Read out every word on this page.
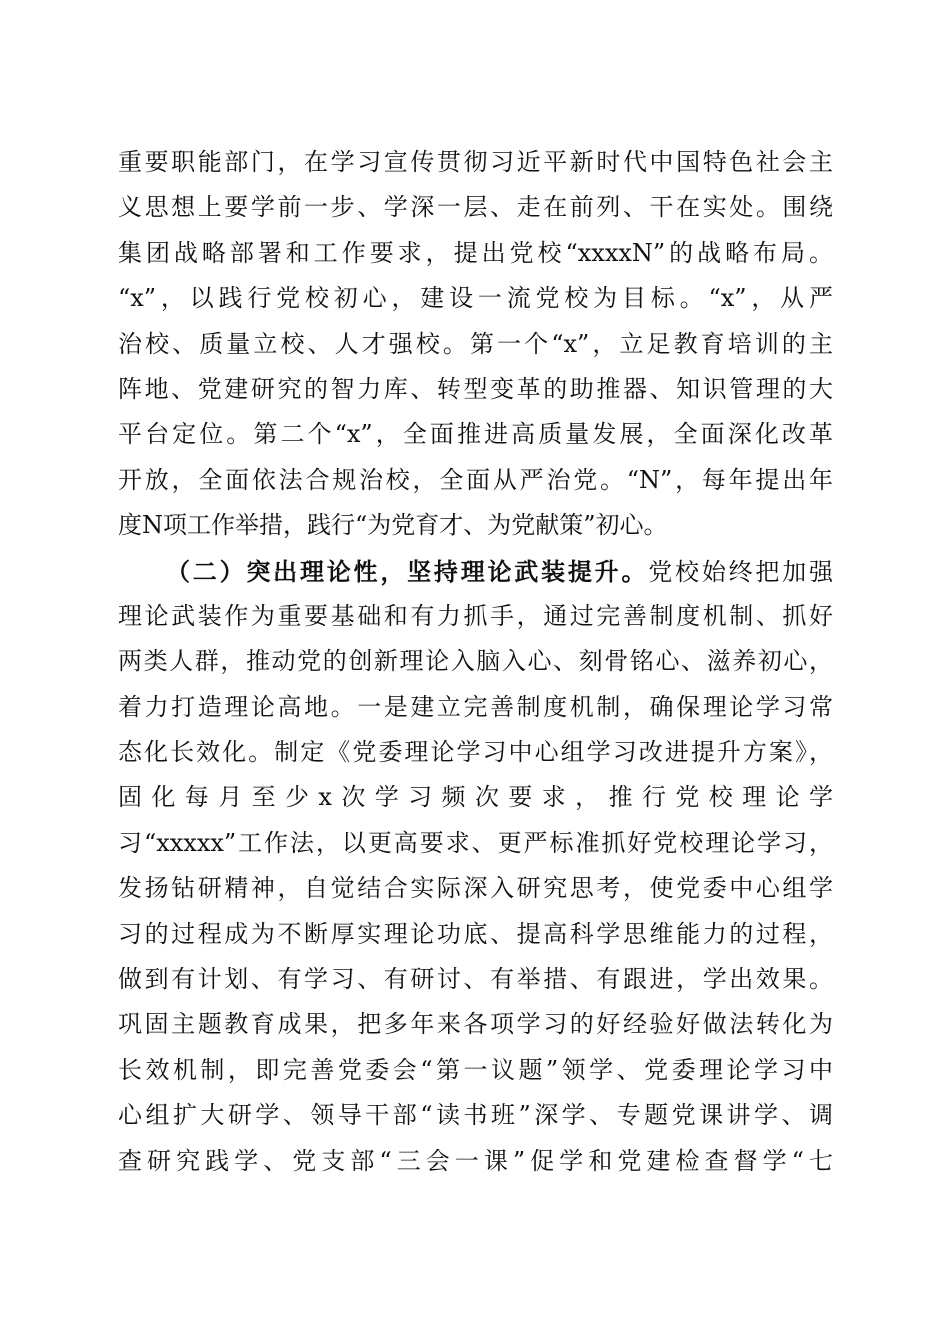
重要职能部门，在学习宣传贯彻习近平新时代中国特色社会主
义思想上要学前一步、学深一层、走在前列、干在实处。围绕
集团战略部署和工作要求，提出党校“xxxxN”的战略布局。
“x”，以践行党校初心，建设一流党校为目标。“x”，从严
治校、质量立校、人才强校。第一个“x”，立足教育培训的主
阵地、党建研究的智力库、转型变革的助推器、知识管理的大
平台定位。第二个“x”，全面推进高质量发展，全面深化改革
开放，全面依法合规治校，全面从严治党。“N”，每年提出年
度N项工作举措，践行“为党育才、为党献策”初心。
（二）突出理论性，坚持理论武装提升。党校始终把加强
理论武装作为重要基础和有力抓手，通过完善制度机制、抓好
两类人群，推动党的创新理论入脑入心、刻骨铭心、滋养初心，
着力打造理论高地。一是建立完善制度机制，确保理论学习常
态化长效化。制定《党委理论学习中心组学习改进提升方案》，
固化每月至少x次学习频次要求，推行党校理论学
习“xxxxx”工作法，以更高要求、更严标准抓好党校理论学习，
发扬钻研精神，自觉结合实际深入研究思考，使党委中心组学
习的过程成为不断厚实理论功底、提高科学思维能力的过程，
做到有计划、有学习、有研讨、有举措、有跟进，学出效果。
巩固主题教育成果，把多年来各项学习的好经验好做法转化为
长效机制，即完善党委会“第一议题”领学、党委理论学习中
心组扩大研学、领导干部“读书班”深学、专题党课讲学、调
查研究践学、党支部“三会一课”促学和党建检查督学“七
